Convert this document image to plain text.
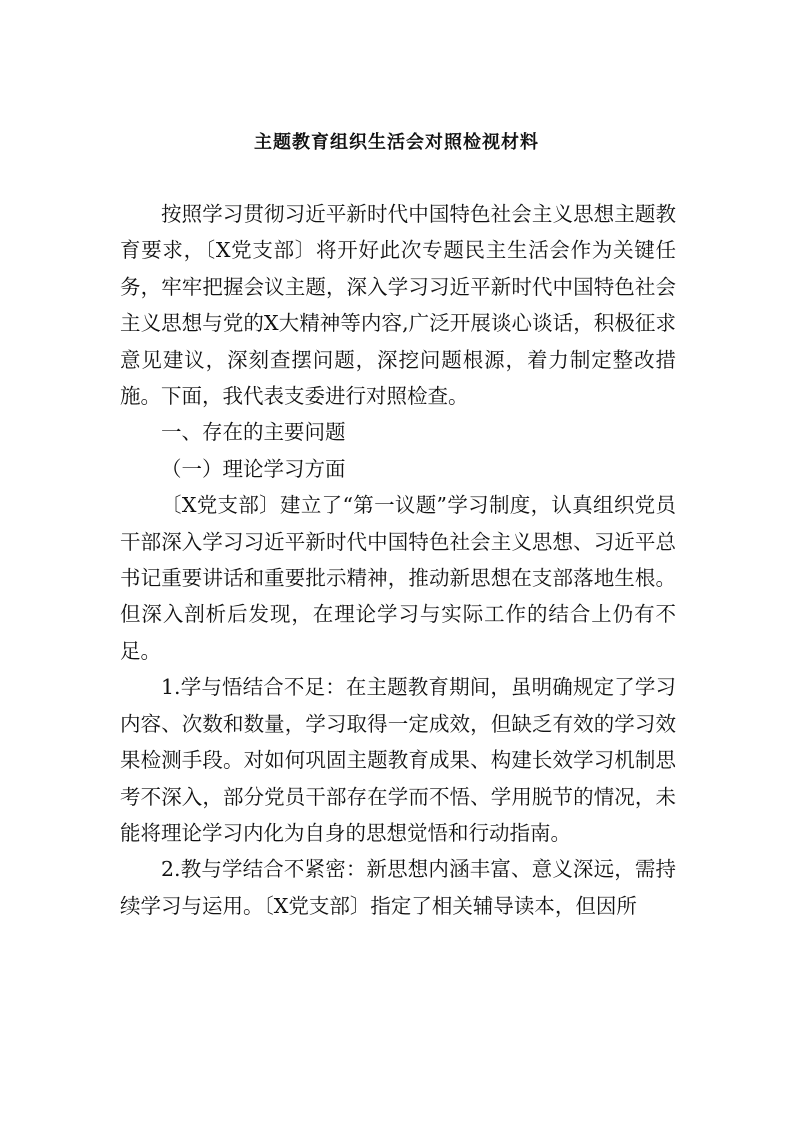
主题教育组织生活会对照检视材料

按照学习贯彻习近平新时代中国特色社会主义思想主题教育要求，〔X党支部〕将开好此次专题民主生活会作为关键任务，牢牢把握会议主题，深入学习习近平新时代中国特色社会主义思想与党的X大精神等内容,广泛开展谈心谈话，积极征求意见建议，深刻查摆问题，深挖问题根源，着力制定整改措施。下面，我代表支委进行对照检查。

一、存在的主要问题

（一）理论学习方面

〔X党支部〕建立了“第一议题”学习制度，认真组织党员干部深入学习习近平新时代中国特色社会主义思想、习近平总书记重要讲话和重要批示精神，推动新思想在支部落地生根。但深入剖析后发现，在理论学习与实际工作的结合上仍有不足。

1.学与悟结合不足：在主题教育期间，虽明确规定了学习内容、次数和数量，学习取得一定成效，但缺乏有效的学习效果检测手段。对如何巩固主题教育成果、构建长效学习机制思考不深入，部分党员干部存在学而不悟、学用脱节的情况，未能将理论学习内化为自身的思想觉悟和行动指南。

2.教与学结合不紧密：新思想内涵丰富、意义深远，需持续学习与运用。〔X党支部〕指定了相关辅导读本，但因所
